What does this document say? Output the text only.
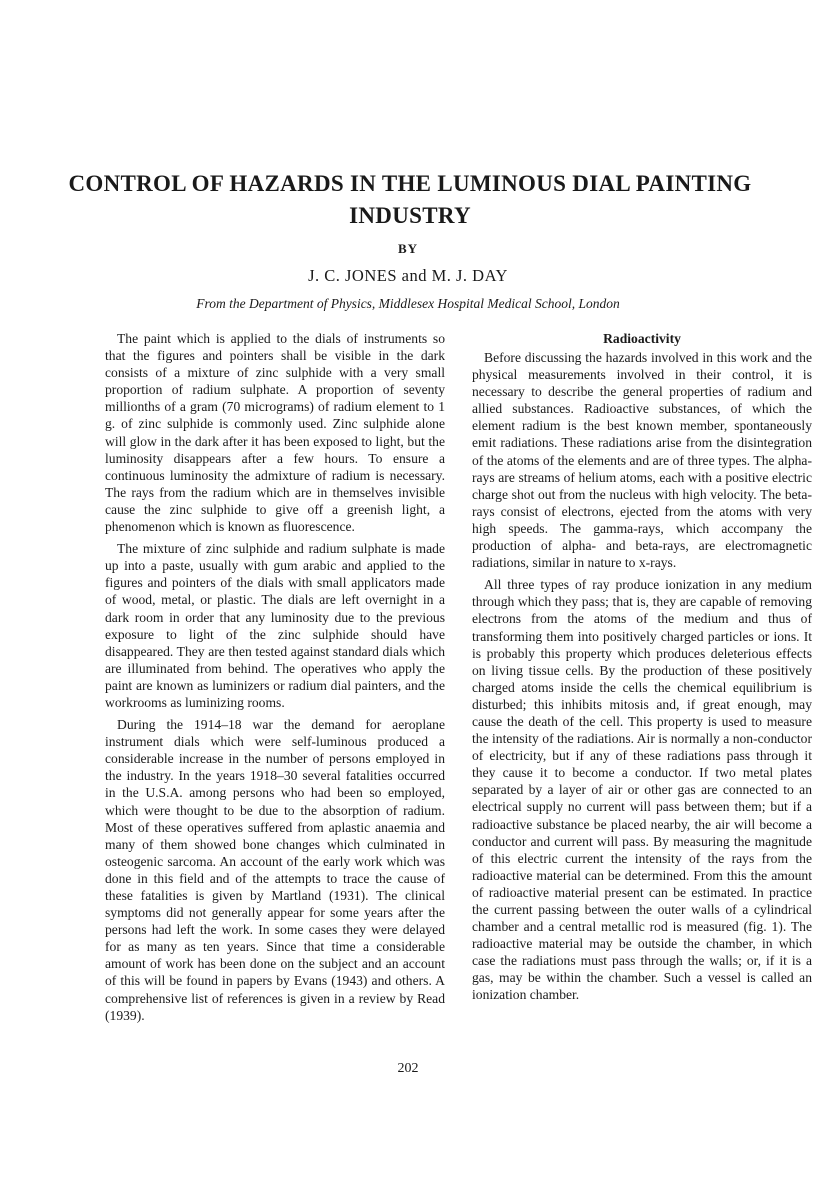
CONTROL OF HAZARDS IN THE LUMINOUS DIAL PAINTING INDUSTRY
BY
J. C. JONES and M. J. DAY
From the Department of Physics, Middlesex Hospital Medical School, London

The paint which is applied to the dials of instruments so that the figures and pointers shall be visible in the dark consists of a mixture of zinc sulphide with a very small proportion of radium sulphate. A proportion of seventy millionths of a gram (70 micrograms) of radium element to 1 g. of zinc sulphide is commonly used. Zinc sulphide alone will glow in the dark after it has been exposed to light, but the luminosity disappears after a few hours. To ensure a continuous luminosity the admixture of radium is necessary. The rays from the radium which are in themselves invisible cause the zinc sulphide to give off a greenish light, a phenomenon which is known as fluorescence.

The mixture of zinc sulphide and radium sulphate is made up into a paste, usually with gum arabic and applied to the figures and pointers of the dials with small applicators made of wood, metal, or plastic. The dials are left overnight in a dark room in order that any luminosity due to the previous exposure to light of the zinc sulphide should have disappeared. They are then tested against standard dials which are illuminated from behind. The operatives who apply the paint are known as luminizers or radium dial painters, and the workrooms as luminizing rooms.

During the 1914–18 war the demand for aeroplane instrument dials which were self-luminous produced a considerable increase in the number of persons employed in the industry. In the years 1918–30 several fatalities occurred in the U.S.A. among persons who had been so employed, which were thought to be due to the absorption of radium. Most of these operatives suffered from aplastic anaemia and many of them showed bone changes which culminated in osteogenic sarcoma. An account of the early work which was done in this field and of the attempts to trace the cause of these fatalities is given by Martland (1931). The clinical symptoms did not generally appear for some years after the persons had left the work. In some cases they were delayed for as many as ten years. Since that time a considerable amount of work has been done on the subject and an account of this will be found in papers by Evans (1943) and others. A comprehensive list of references is given in a review by Read (1939).

Radioactivity

Before discussing the hazards involved in this work and the physical measurements involved in their control, it is necessary to describe the general properties of radium and allied substances. Radioactive substances, of which the element radium is the best known member, spontaneously emit radiations. These radiations arise from the disintegration of the atoms of the elements and are of three types. The alpha-rays are streams of helium atoms, each with a positive electric charge shot out from the nucleus with high velocity. The beta-rays consist of electrons, ejected from the atoms with very high speeds. The gamma-rays, which accompany the production of alpha- and beta-rays, are electromagnetic radiations, similar in nature to x-rays.

All three types of ray produce ionization in any medium through which they pass; that is, they are capable of removing electrons from the atoms of the medium and thus of transforming them into positively charged particles or ions. It is probably this property which produces deleterious effects on living tissue cells. By the production of these positively charged atoms inside the cells the chemical equilibrium is disturbed; this inhibits mitosis and, if great enough, may cause the death of the cell. This property is used to measure the intensity of the radiations. Air is normally a non-conductor of electricity, but if any of these radiations pass through it they cause it to become a conductor. If two metal plates separated by a layer of air or other gas are connected to an electrical supply no current will pass between them; but if a radioactive substance be placed nearby, the air will become a conductor and current will pass. By measuring the magnitude of this electric current the intensity of the rays from the radioactive material can be determined. From this the amount of radioactive material present can be estimated. In practice the current passing between the outer walls of a cylindrical chamber and a central metallic rod is measured (fig. 1). The radioactive material may be outside the chamber, in which case the radiations must pass through the walls; or, if it is a gas, may be within the chamber. Such a vessel is called an ionization chamber.

202
